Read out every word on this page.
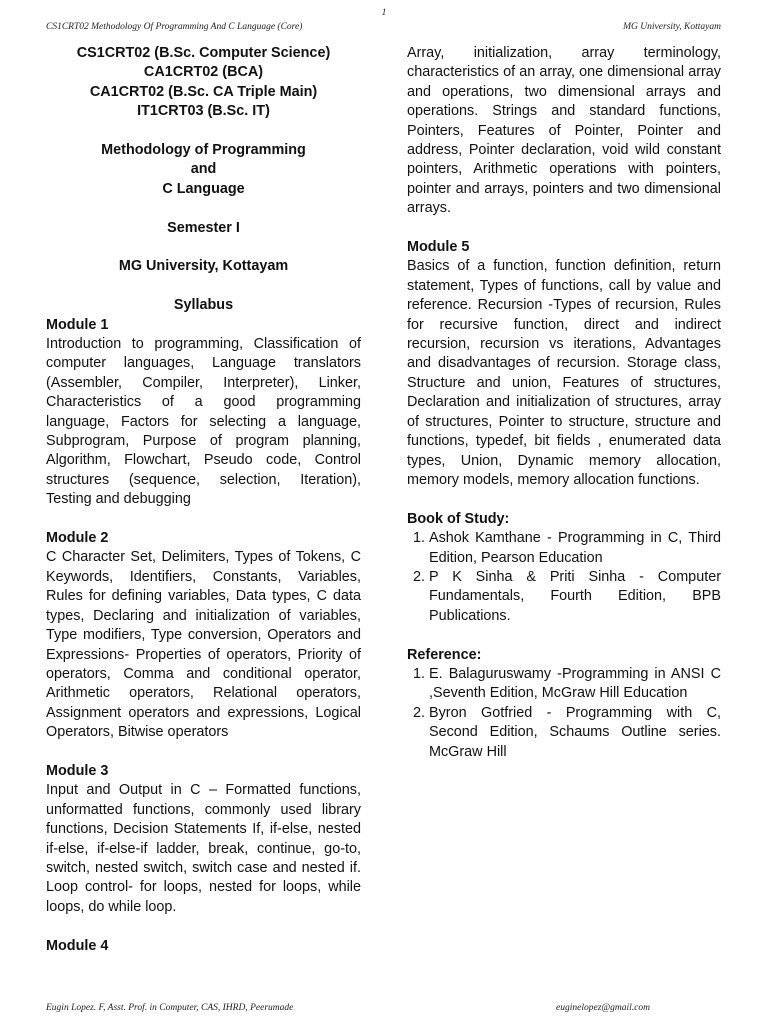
1
CS1CRT02 Methodology Of Programming And C Language (Core)	MG University, Kottayam
CS1CRT02 (B.Sc. Computer Science)
CA1CRT02 (BCA)
CA1CRT02 (B.Sc. CA Triple Main)
IT1CRT03 (B.Sc. IT)
Methodology of Programming
and
C Language
Semester I
MG University, Kottayam
Syllabus

Module 1

Introduction to programming, Classification of computer languages, Language translators (Assembler, Compiler, Interpreter), Linker, Characteristics of a good programming language, Factors for selecting a language, Subprogram, Purpose of program planning, Algorithm, Flowchart, Pseudo code, Control structures (sequence, selection, Iteration), Testing and debugging

Module 2

C Character Set, Delimiters, Types of Tokens, C Keywords, Identifiers, Constants, Variables, Rules for defining variables, Data types, C data types, Declaring and initialization of variables, Type modifiers, Type conversion, Operators and Expressions- Properties of operators, Priority of operators, Comma and conditional operator, Arithmetic operators, Relational operators, Assignment operators and expressions, Logical Operators, Bitwise operators

Module 3

Input and Output in C – Formatted functions, unformatted functions, commonly used library functions, Decision Statements If, if-else, nested if-else, if-else-if ladder, break, continue, go-to, switch, nested switch, switch case and nested if. Loop control- for loops, nested for loops, while loops, do while loop.

Module 4

Array, initialization, array terminology, characteristics of an array, one dimensional array and operations, two dimensional arrays and operations. Strings and standard functions, Pointers, Features of Pointer, Pointer and address, Pointer declaration, void wild constant pointers, Arithmetic operations with pointers, pointer and arrays, pointers and two dimensional arrays.

Module 5

Basics of a function, function definition, return statement, Types of functions, call by value and reference. Recursion -Types of recursion, Rules for recursive function, direct and indirect recursion, recursion vs iterations, Advantages and disadvantages of recursion. Storage class, Structure and union, Features of structures, Declaration and initialization of structures, array of structures, Pointer to structure, structure and functions, typedef, bit fields , enumerated data types, Union, Dynamic memory allocation, memory models, memory allocation functions.

Book of Study:

1. Ashok Kamthane - Programming in C, Third Edition, Pearson Education
2. P K Sinha & Priti Sinha - Computer Fundamentals, Fourth Edition, BPB Publications.

Reference:

1. E. Balaguruswamy -Programming in ANSI C ,Seventh Edition, McGraw Hill Education
2. Byron Gotfried - Programming with C, Second Edition, Schaums Outline series. McGraw Hill
Eugin Lopez. F, Asst. Prof. in Computer, CAS, IHRD, Peerumade	euginelopez@gmail.com
